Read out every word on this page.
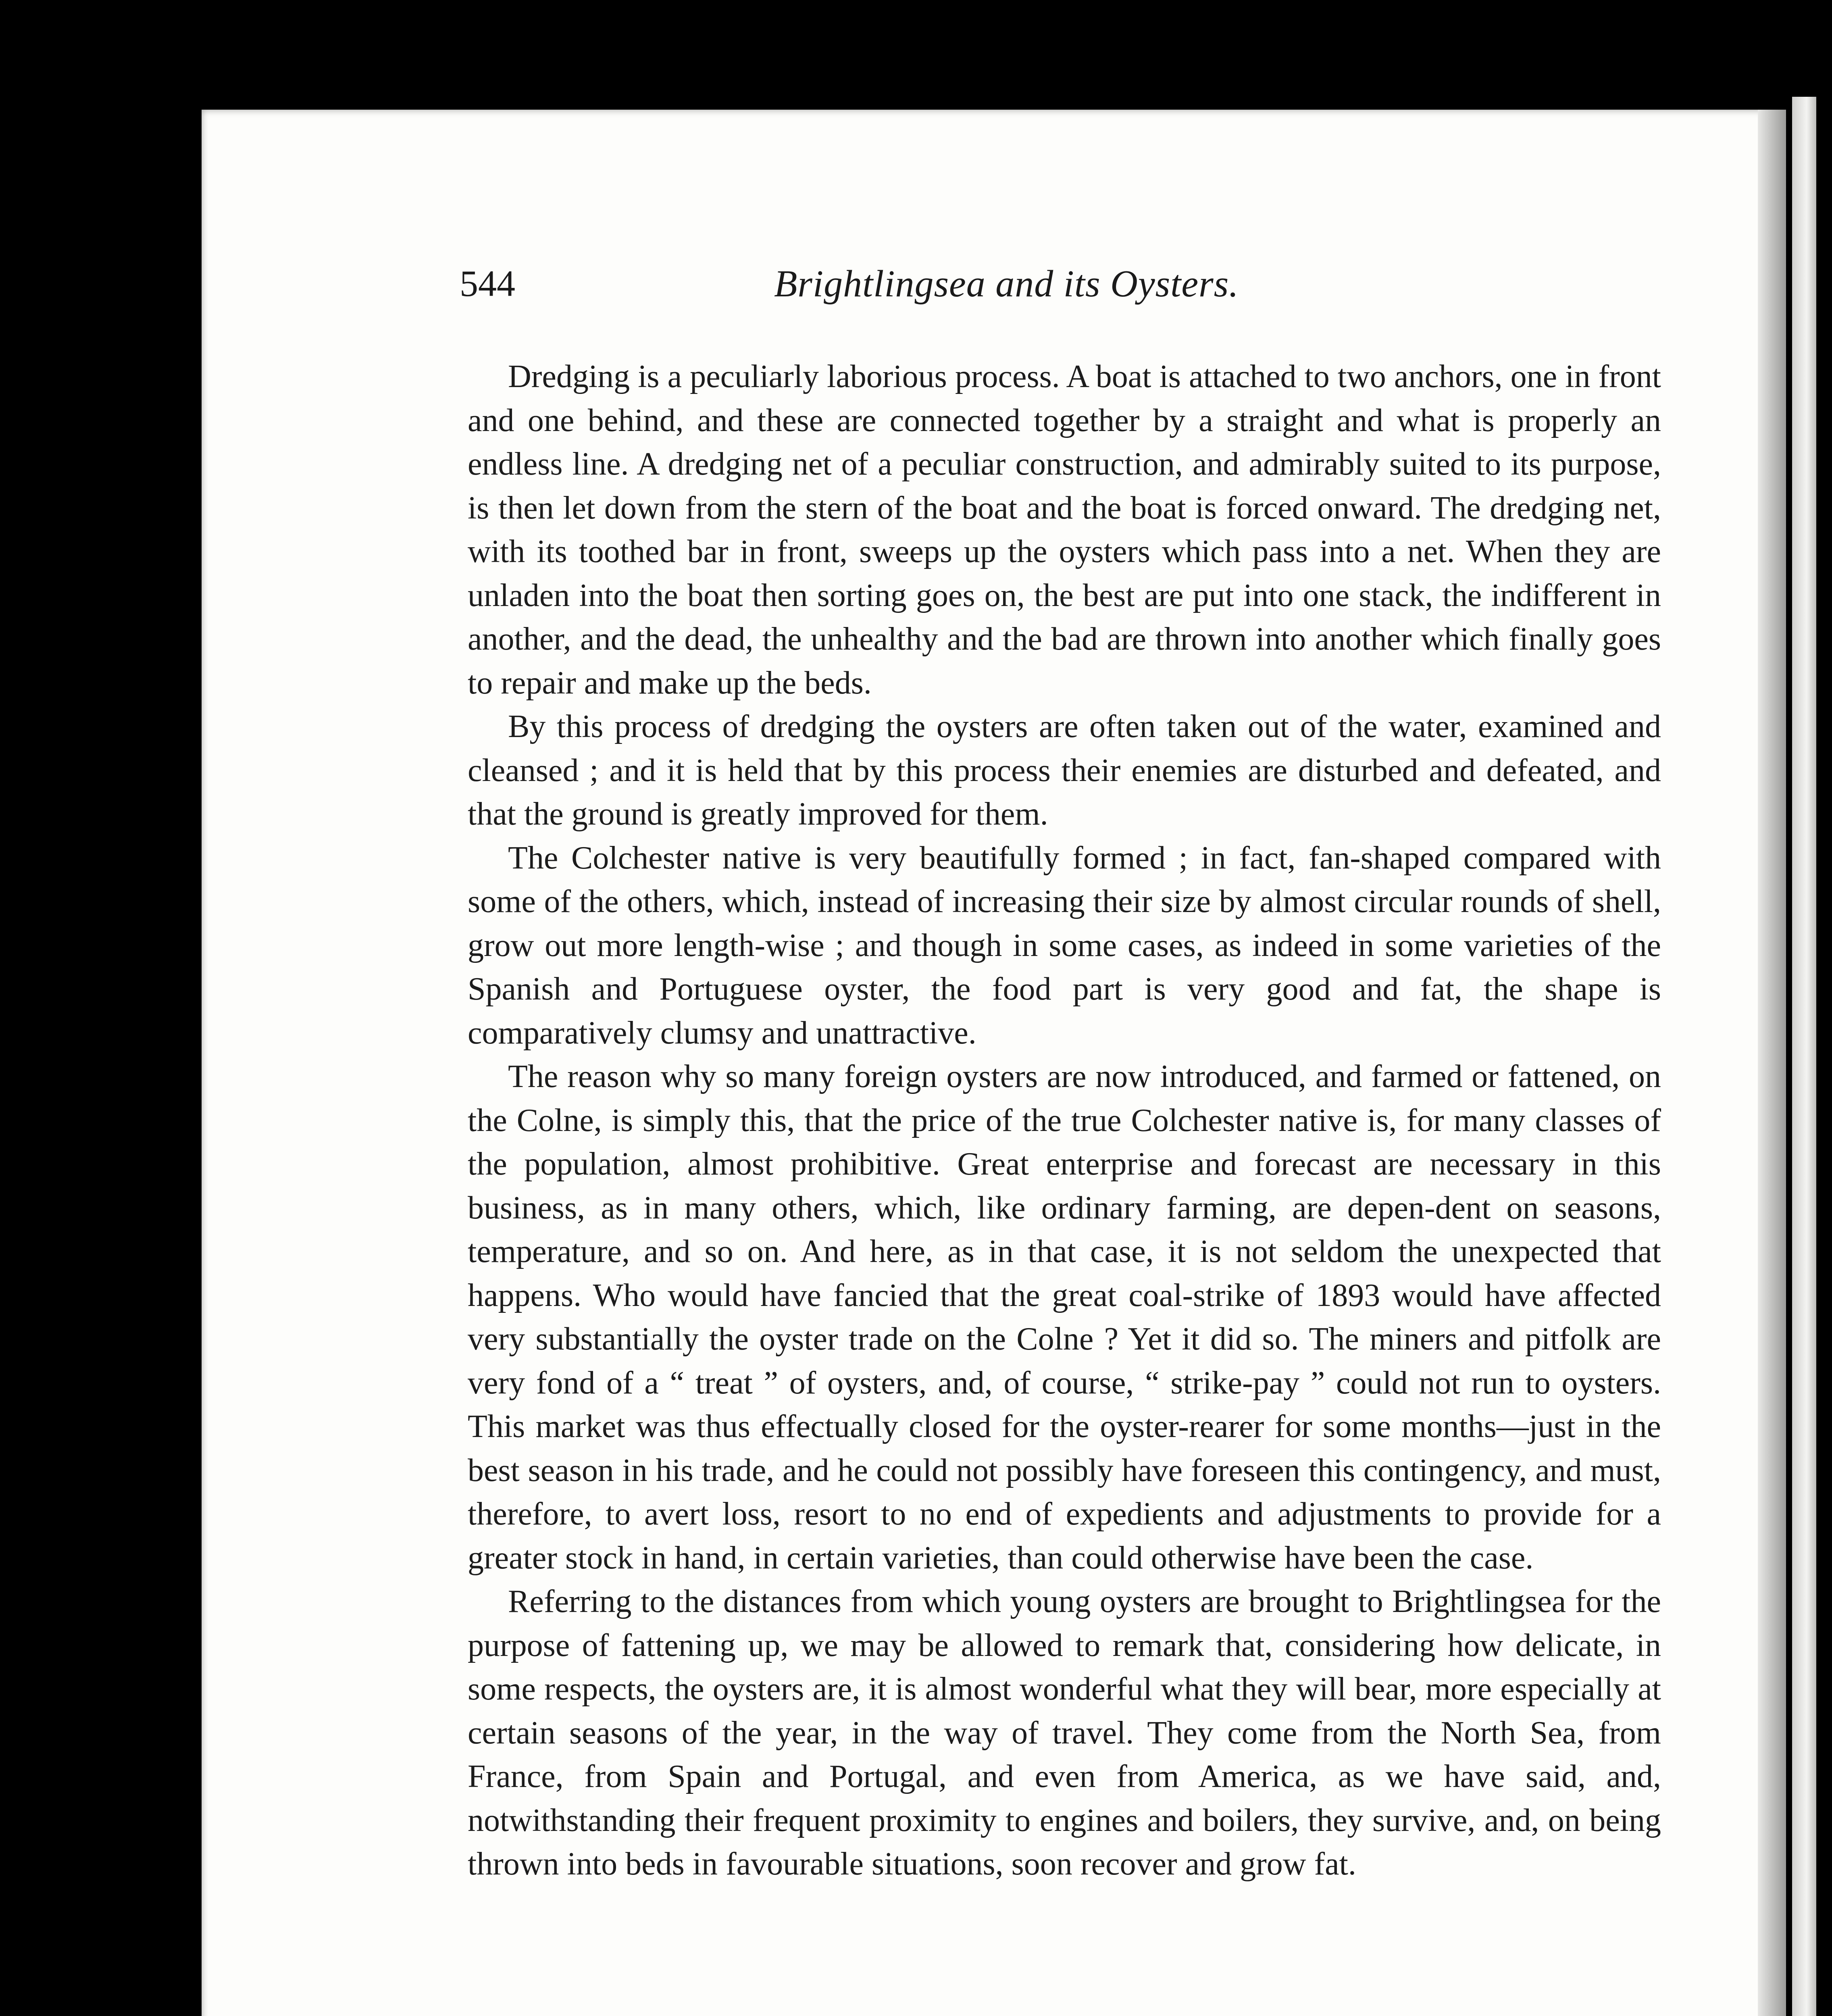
544	Brightlingsea and its Oysters.

Dredging is a peculiarly laborious process. A boat is attached to two anchors, one in front and one behind, and these are connected together by a straight and what is properly an endless line. A dredging net of a peculiar construction, and admirably suited to its purpose, is then let down from the stern of the boat and the boat is forced onward. The dredging net, with its toothed bar in front, sweeps up the oysters which pass into a net. When they are unladen into the boat then sorting goes on, the best are put into one stack, the indifferent in another, and the dead, the unhealthy and the bad are thrown into another which finally goes to repair and make up the beds.

By this process of dredging the oysters are often taken out of the water, examined and cleansed ; and it is held that by this process their enemies are disturbed and defeated, and that the ground is greatly improved for them.

The Colchester native is very beautifully formed ; in fact, fan-shaped compared with some of the others, which, instead of increasing their size by almost circular rounds of shell, grow out more length-wise ; and though in some cases, as indeed in some varieties of the Spanish and Portuguese oyster, the food part is very good and fat, the shape is comparatively clumsy and unattractive.

The reason why so many foreign oysters are now introduced, and farmed or fattened, on the Colne, is simply this, that the price of the true Colchester native is, for many classes of the population, almost prohibitive. Great enterprise and forecast are necessary in this business, as in many others, which, like ordinary farming, are depen-dent on seasons, temperature, and so on. And here, as in that case, it is not seldom the unexpected that happens. Who would have fancied that the great coal-strike of 1893 would have affected very substantially the oyster trade on the Colne ? Yet it did so. The miners and pitfolk are very fond of a “ treat ” of oysters, and, of course, “ strike-pay ” could not run to oysters. This market was thus effectually closed for the oyster-rearer for some months—just in the best season in his trade, and he could not possibly have foreseen this contingency, and must, therefore, to avert loss, resort to no end of expedients and adjustments to provide for a greater stock in hand, in certain varieties, than could otherwise have been the case.

Referring to the distances from which young oysters are brought to Brightlingsea for the purpose of fattening up, we may be allowed to remark that, considering how delicate, in some respects, the oysters are, it is almost wonderful what they will bear, more especially at certain seasons of the year, in the way of travel. They come from the North Sea, from France, from Spain and Portugal, and even from America, as we have said, and, notwithstanding their frequent proximity to engines and boilers, they survive, and, on being thrown into beds in favourable situations, soon recover and grow fat.
